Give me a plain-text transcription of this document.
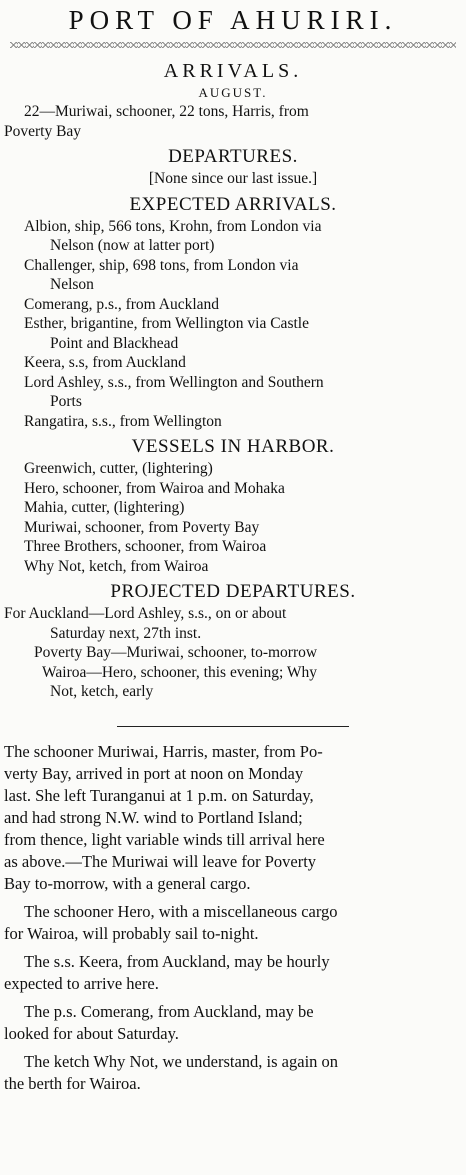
PORT OF AHURIRI.
ARRIVALS.
AUGUST.
22—Muriwai, schooner, 22 tons, Harris, from
Poverty Bay
DEPARTURES.
[None since our last issue.]
EXPECTED ARRIVALS.
Albion, ship, 566 tons, Krohn, from London via
Nelson (now at latter port)
Challenger, ship, 698 tons, from London via
Nelson
Comerang, p.s., from Auckland
Esther, brigantine, from Wellington via Castle
Point and Blackhead
Keera, s.s, from Auckland
Lord Ashley, s.s., from Wellington and Southern
Ports
Rangatira, s.s., from Wellington
VESSELS IN HARBOR.
Greenwich, cutter, (lightering)
Hero, schooner, from Wairoa and Mohaka
Mahia, cutter, (lightering)
Muriwai, schooner, from Poverty Bay
Three Brothers, schooner, from Wairoa
Why Not, ketch, from Wairoa
PROJECTED DEPARTURES.
For Auckland—Lord Ashley, s.s., on or about
Saturday next, 27th inst.
Poverty Bay—Muriwai, schooner, to-morrow
Wairoa—Hero, schooner, this evening; Why
Not, ketch, early
The schooner Muriwai, Harris, master, from Po-
verty Bay, arrived in port at noon on Monday
last. She left Turanganui at 1 p.m. on Saturday,
and had strong N.W. wind to Portland Island;
from thence, light variable winds till arrival here
as above.—The Muriwai will leave for Poverty
Bay to-morrow, with a general cargo.
The schooner Hero, with a miscellaneous cargo
for Wairoa, will probably sail to-night.
The s.s. Keera, from Auckland, may be hourly
expected to arrive here.
The p.s. Comerang, from Auckland, may be
looked for about Saturday.
The ketch Why Not, we understand, is again on
the berth for Wairoa.
